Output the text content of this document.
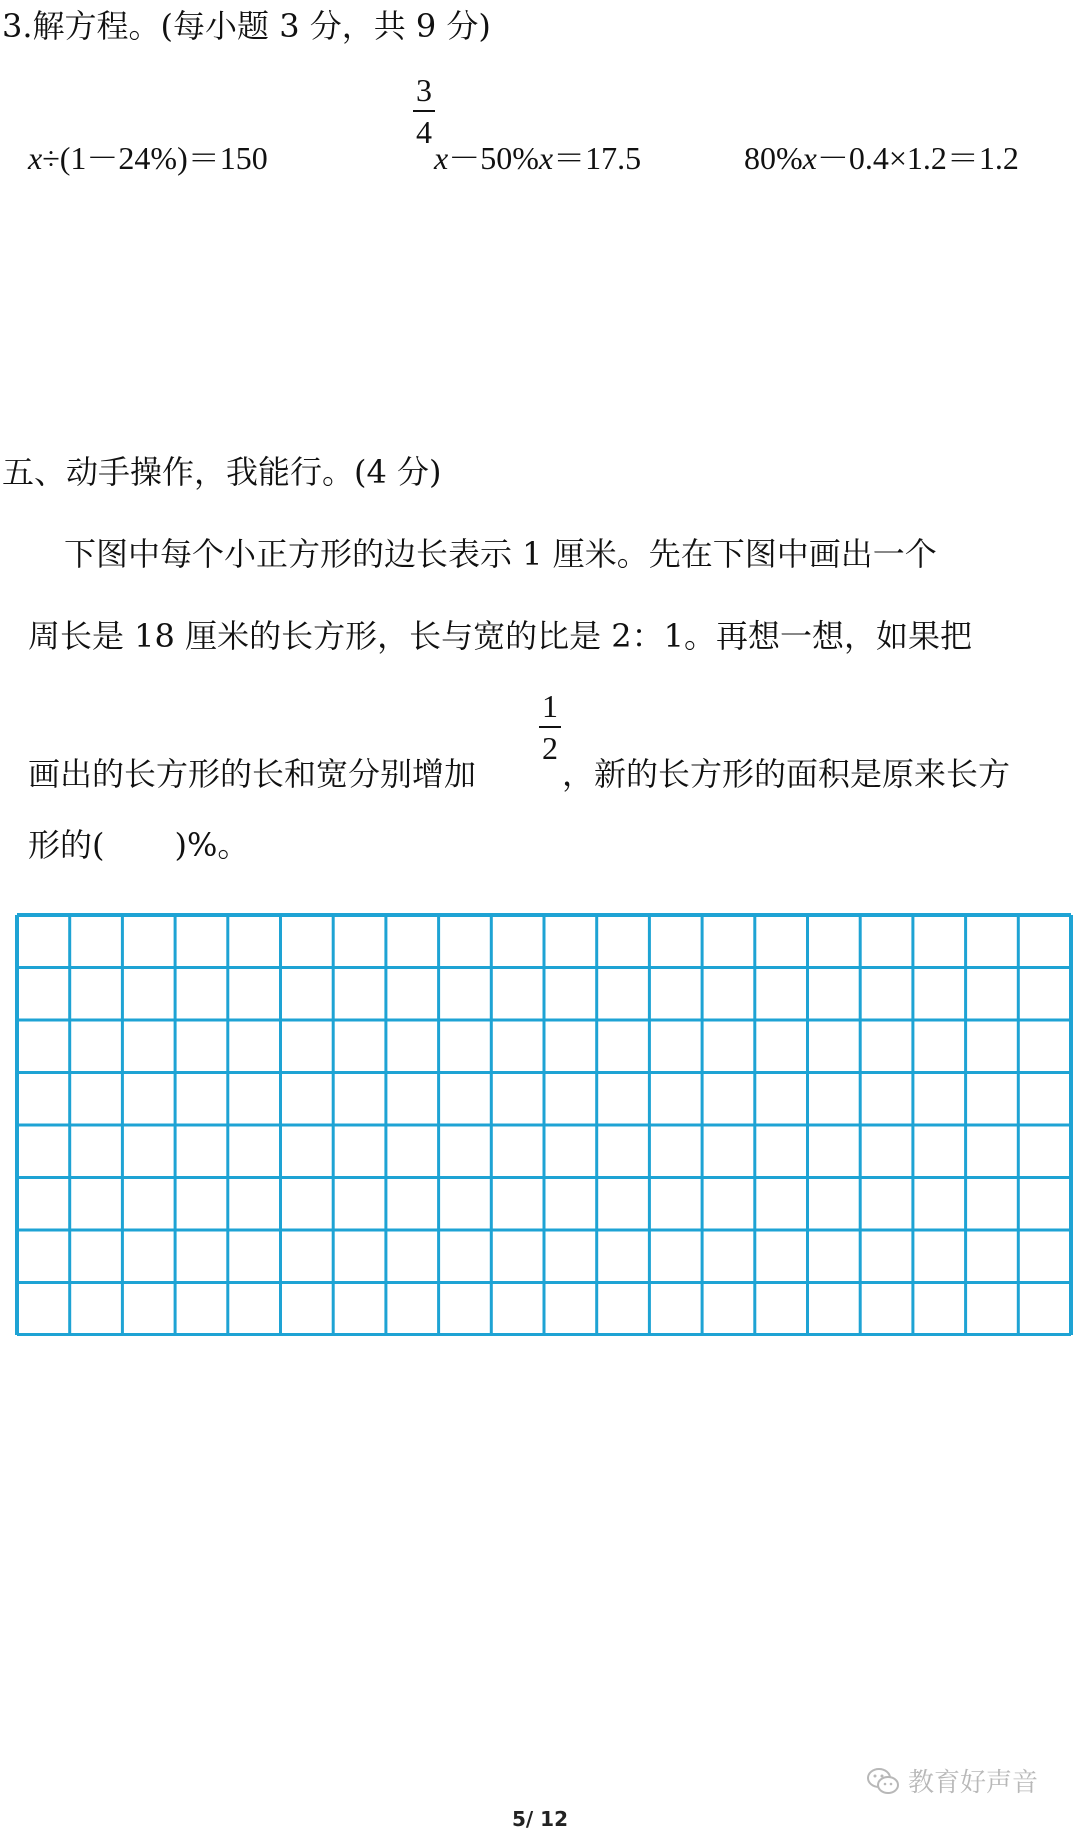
3.解方程。(每小题 3 分，共 9 分)
x÷(1－24%)＝150
3
4
x－50%x＝17.5	80%x－0.4×1.2＝1.2
五、动手操作，我能行。(4 分)
下图中每个小正方形的边长表示 1 厘米。先在下图中画出一个
周长是 18 厘米的长方形，长与宽的比是 2：1。再想一想，如果把
1
2
画出的长方形的长和宽分别增加	，新的长方形的面积是原来长方
形的( )%。
教育好声音
5/ 12
